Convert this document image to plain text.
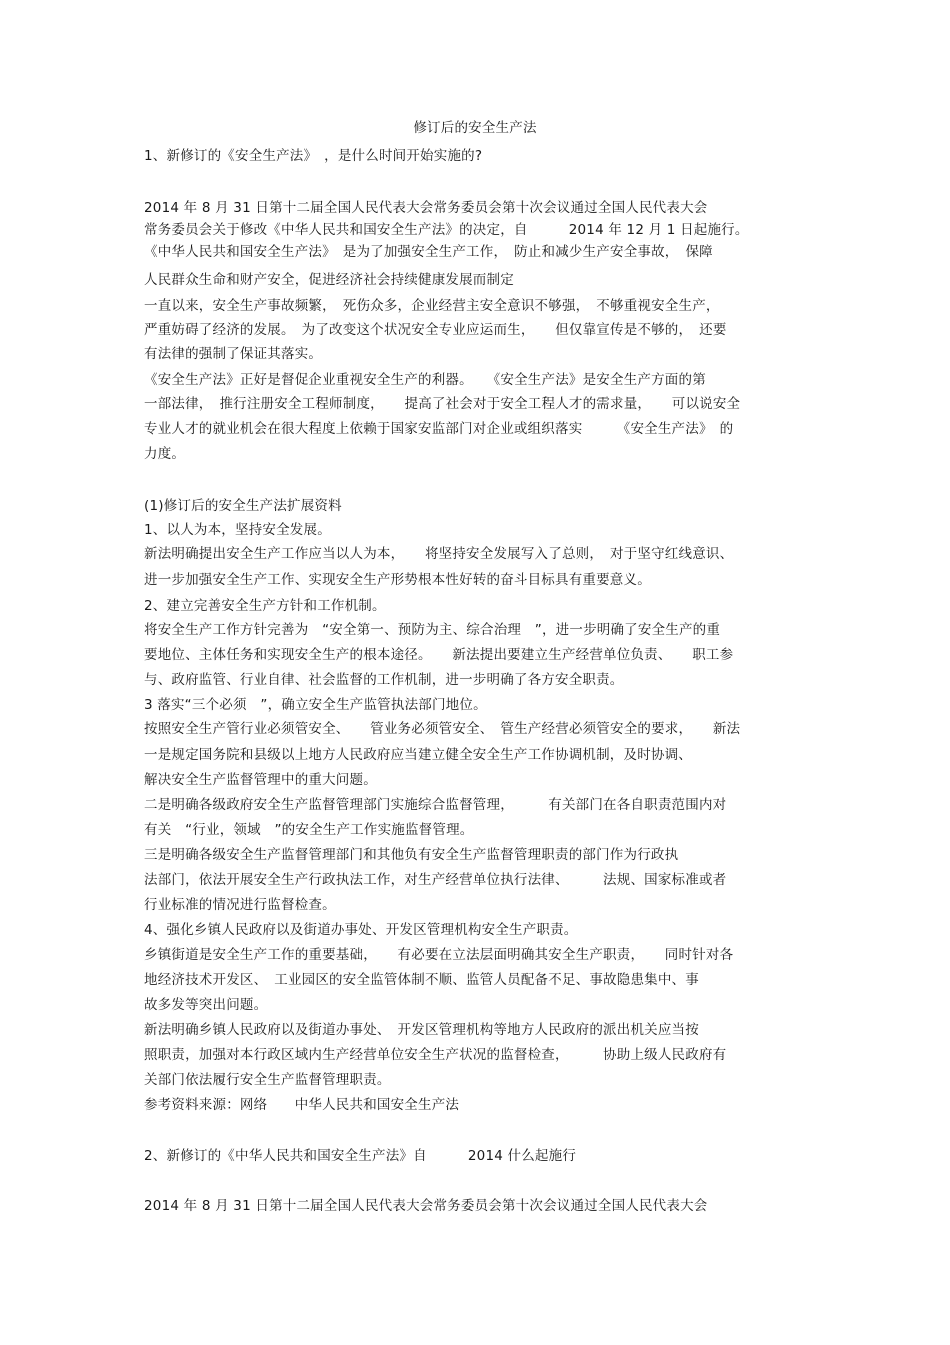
修订后的安全生产法
1、新修订的《安全生产法》　，是什么时间开始实施的?
2014 年 8 月 31 日第十二届全国人民代表大会常务委员会第十次会议通过全国人民代表大会
常务委员会关于修改《中华人民共和国安全生产法》的决定，自　　　2014 年 12 月 1 日起施行。
《中华人民共和国安全生产法》　是为了加强安全生产工作，　防止和减少生产安全事故，　保障
人民群众生命和财产安全，促进经济社会持续健康发展而制定
一直以来，安全生产事故频繁，　死伤众多，企业经营主安全意识不够强，　不够重视安全生产，
严重妨碍了经济的发展。　为了改变这个状况安全专业应运而生，　　但仅靠宣传是不够的，　还要
有法律的强制了保证其落实。
《安全生产法》正好是督促企业重视安全生产的利器。　　《安全生产法》是安全生产方面的第
一部法律，　推行注册安全工程师制度，　　提高了社会对于安全工程人才的需求量，　　可以说安全
专业人才的就业机会在很大程度上依赖于国家安监部门对企业或组织落实　　　《安全生产法》　的
力度。
(1)修订后的安全生产法扩展资料
1、以人为本，坚持安全发展。
新法明确提出安全生产工作应当以人为本，　　将坚持安全发展写入了总则，　对于坚守红线意识、
进一步加强安全生产工作、实现安全生产形势根本性好转的奋斗目标具有重要意义。
2、建立完善安全生产方针和工作机制。
将安全生产工作方针完善为　“安全第一、预防为主、综合治理　”，进一步明确了安全生产的重
要地位、主体任务和实现安全生产的根本途径。　　新法提出要建立生产经营单位负责、　　职工参
与、政府监管、行业自律、社会监督的工作机制，进一步明确了各方安全职责。
3 落实“三个必须　”，确立安全生产监管执法部门地位。
按照安全生产管行业必须管安全、　　管业务必须管安全、　管生产经营必须管安全的要求，　　新法
一是规定国务院和县级以上地方人民政府应当建立健全安全生产工作协调机制，及时协调、
解决安全生产监督管理中的重大问题。
二是明确各级政府安全生产监督管理部门实施综合监督管理，　　　有关部门在各自职责范围内对
有关　“行业，领域　”的安全生产工作实施监督管理。
三是明确各级安全生产监督管理部门和其他负有安全生产监督管理职责的部门作为行政执
法部门，依法开展安全生产行政执法工作，对生产经营单位执行法律、　　　法规、国家标准或者
行业标准的情况进行监督检查。
4、强化乡镇人民政府以及街道办事处、开发区管理机构安全生产职责。
乡镇街道是安全生产工作的重要基础，　　有必要在立法层面明确其安全生产职责，　　同时针对各
地经济技术开发区、　工业园区的安全监管体制不顺、监管人员配备不足、事故隐患集中、事
故多发等突出问题。
新法明确乡镇人民政府以及街道办事处、　开发区管理机构等地方人民政府的派出机关应当按
照职责，加强对本行政区域内生产经营单位安全生产状况的监督检查，　　　协助上级人民政府有
关部门依法履行安全生产监督管理职责。
参考资料来源：网络　　中华人民共和国安全生产法
2、新修订的《中华人民共和国安全生产法》自　　　2014 什么起施行
2014 年 8 月 31 日第十二届全国人民代表大会常务委员会第十次会议通过全国人民代表大会
